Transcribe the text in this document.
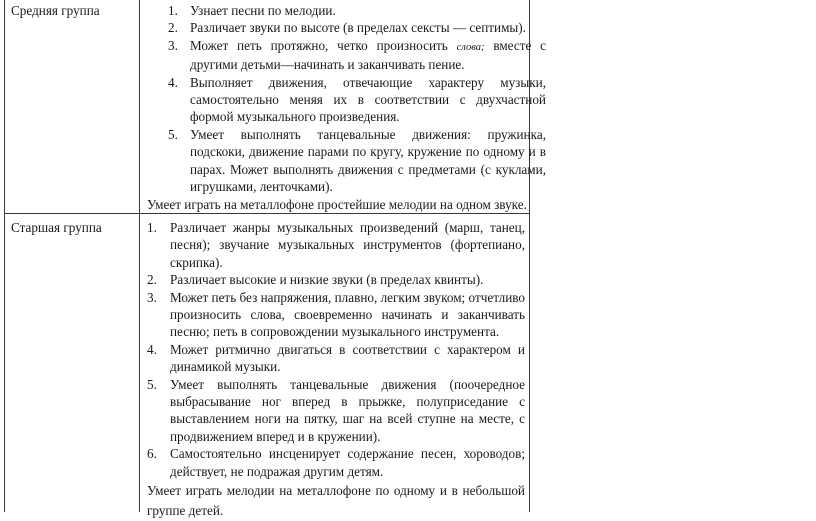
Средняя группа	1. Узнает песни по мелодии.
2. Различает звуки по высоте (в пределах сексты — септимы).
3. Может петь протяжно, четко произносить слова; вместе с другими детьми—начинать и заканчивать пение.
4. Выполняет движения, отвечающие характеру музыки, самостоятельно меняя их в соответствии с двухчастной формой музыкального произведения.
5. Умеет выполнять танцевальные движения: пружинка, подскоки, движение парами по кругу, кружение по одному и в парах. Может выполнять движения с предметами (с куклами, игрушками, ленточками).

Умеет играть на металлофоне простейшие мелодии на одном звуке.

Старшая группа	1. Различает жанры музыкальных произведений (марш, танец, песня); звучание музыкальных инструментов (фортепиано, скрипка).
2. Различает высокие и низкие звуки (в пределах квинты).
3. Может петь без напряжения, плавно, легким звуком; отчетливо произносить слова, своевременно начинать и заканчивать песню; петь в сопровождении музыкального инструмента.
4. Может ритмично двигаться в соответствии с характером и динамикой музыки.
5. Умеет выполнять танцевальные движения (поочередное выбрасывание ног вперед в прыжке, полуприседание с выставлением ноги на пятку, шаг на всей ступне на месте, с продвижением вперед и в кружении).
6. Самостоятельно инсценирует содержание песен, хороводов; действует, не подражая другим детям.

Умеет играть мелодии на металлофоне по одному и в небольшой группе детей.
